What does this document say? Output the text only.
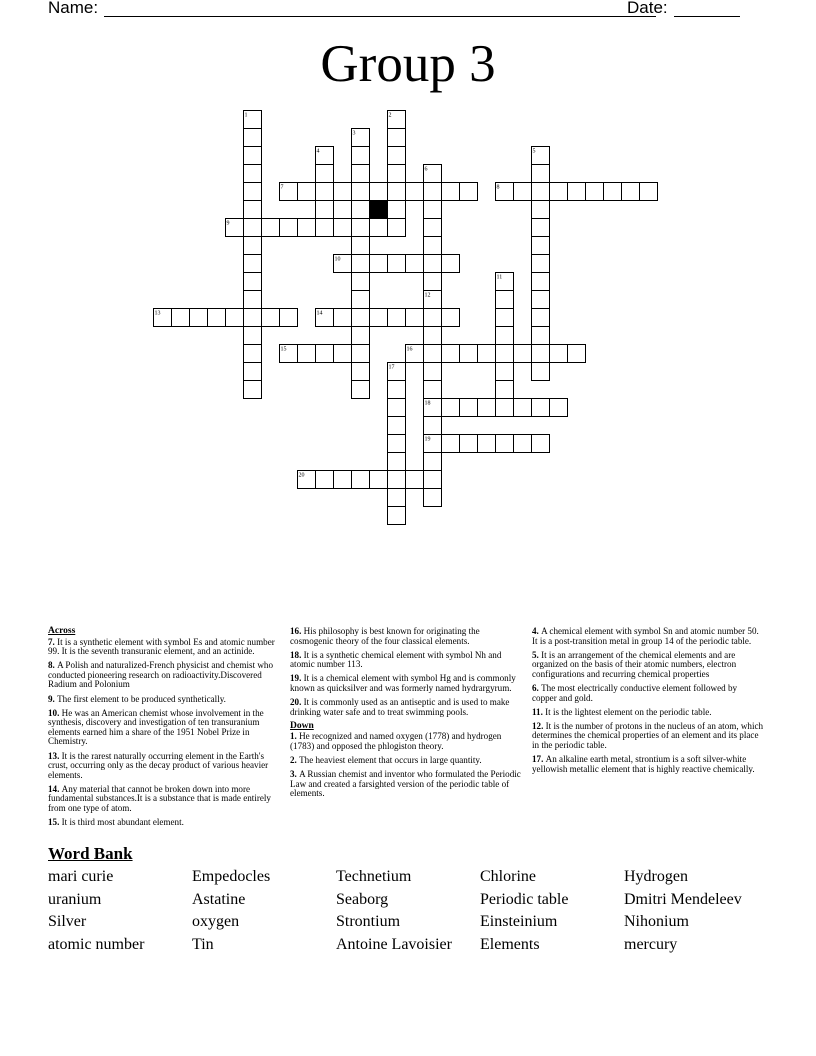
Name:	Date:
Group 3
1	2
3
4	5
6
7	8
9
10
11
12
13	14
15	16
17
18
19
20
Across
7. It is a synthetic element with symbol Es and atomic number 99. It is the seventh transuranic element, and an actinide.
8. A Polish and naturalized-French physicist and chemist who conducted pioneering research on radioactivity.Discovered Radium and Polonium
9. The first element to be produced synthetically.
10. He was an American chemist whose involvement in the synthesis, discovery and investigation of ten transuranium elements earned him a share of the 1951 Nobel Prize in Chemistry.
13. It is the rarest naturally occurring element in the Earth's crust, occurring only as the decay product of various heavier elements.
14. Any material that cannot be broken down into more fundamental substances.It is a substance that is made entirely from one type of atom.
15. It is third most abundant element.
16. His philosophy is best known for originating the cosmogenic theory of the four classical elements.
18. It is a synthetic chemical element with symbol Nh and atomic number 113.
19. It is a chemical element with symbol Hg and is commonly known as quicksilver and was formerly named hydrargyrum.
20. It is commonly used as an antiseptic and is used to make drinking water safe and to treat swimming pools.
Down
1. He recognized and named oxygen (1778) and hydrogen (1783) and opposed the phlogiston theory.
2. The heaviest element that occurs in large quantity.
3. A Russian chemist and inventor who formulated the Periodic Law and created a farsighted version of the periodic table of elements.
4. A chemical element with symbol Sn and atomic number 50. It is a post-transition metal in group 14 of the periodic table.
5. It is an arrangement of the chemical elements and are organized on the basis of their atomic numbers, electron configurations and recurring chemical properties
6. The most electrically conductive element followed by copper and gold.
11. It is the lightest element on the periodic table.
12. It is the number of protons in the nucleus of an atom, which determines the chemical properties of an element and its place in the periodic table.
17. An alkaline earth metal, strontium is a soft silver-white yellowish metallic element that is highly reactive chemically.
Word Bank
mari curie	Empedocles	Technetium	Chlorine	Hydrogen
uranium	Astatine	Seaborg	Periodic table	Dmitri Mendeleev
Silver	oxygen	Strontium	Einsteinium	Nihonium
atomic number	Tin	Antoine Lavoisier	Elements	mercury
